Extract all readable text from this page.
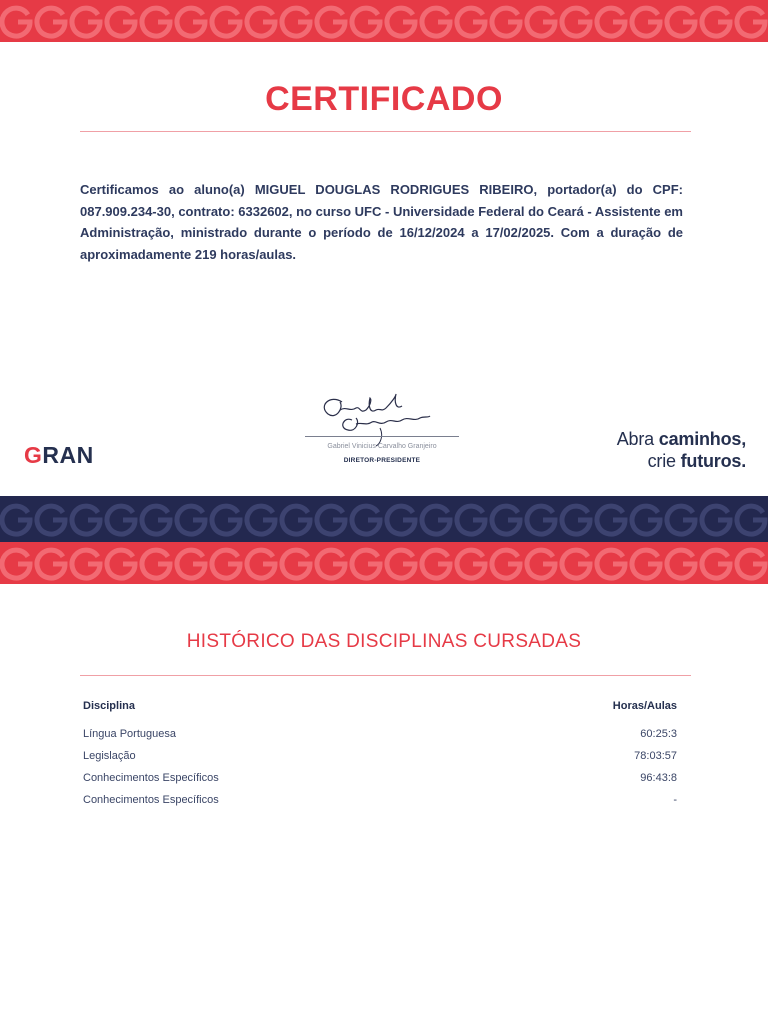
CERTIFICADO
Certificamos ao aluno(a) MIGUEL DOUGLAS RODRIGUES RIBEIRO, portador(a) do CPF: 087.909.234-30, contrato: 6332602, no curso UFC - Universidade Federal do Ceará - Assistente em Administração, ministrado durante o período de 16/12/2024 a 17/02/2025. Com a duração de aproximadamente 219 horas/aulas.
GRAN	Gabriel Vinicius Carvalho Granjeiro
DIRETOR-PRESIDENTE
Abra caminhos,
crie futuros.
HISTÓRICO DAS DISCIPLINAS CURSADAS
Disciplina	Horas/Aulas
Língua Portuguesa	60:25:3
Legislação	78:03:57
Conhecimentos Específicos	96:43:8
Conhecimentos Específicos	-
